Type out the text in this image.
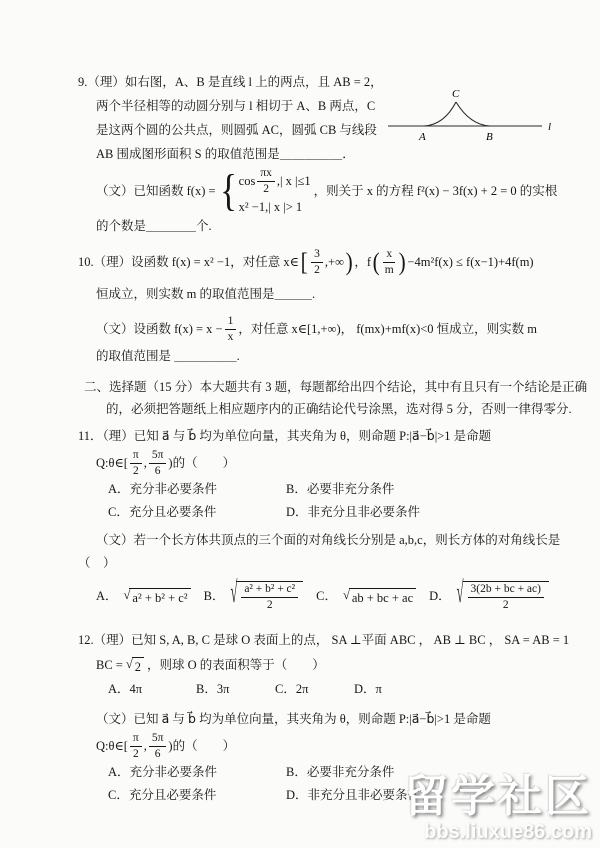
9.（理）如右图，A、B 是直线 l 上的两点，且 AB = 2，
两个半径相等的动圆分别与 l 相切于 A、B 两点，C
是这两个圆的公共点，则圆弧 AC，圆弧 CB 与线段
AB 围成图形面积 S 的取值范围是＿＿＿＿＿．
C
A	B
l
（文）已知函数 f(x) = { $\cos \frac{\pi x}{2}$ ,| x |≤1
x² −1,| x |> 1
，则关于 x 的方程 f²(x) − 3f(x) + 2 = 0 的实根
的个数是＿＿＿＿个.
10.（理）设函数 f(x) = x² −1，对任意 x∈ [ $\frac{3}{2}$ ,+∞ ) ，f ( $\frac{x}{m}$ ) −4m²f(x) ≤ f(x−1)+4f(m)
恒成立，则实数 m 的取值范围是＿＿＿.
（文）设函数 $f(x) = x - \frac{1}{x}$ ，对任意 x∈[1,+∞)， f(mx)+mf(x)<0 恒成立，则实数 m
的取值范围是 ＿＿＿＿＿.
二、选择题（15 分）本大题共有 3 题，每题都给出四个结论，其中有且只有一个结论是正确
的，必须把答题纸上相应题序内的正确结论代号涂黑，选对得 5 分，否则一律得零分.
11．（理）已知 a⃗ 与 b⃗ 均为单位向量，其夹角为 θ，则命题 P:|a⃗−b⃗|>1 是命题
Q:θ∈[ $\frac{\pi}{2}$ , $\frac{5\pi}{6}$ )的（　　）
A．充分非必要条件	B．必要非充分条件
C．充分且必要条件	D．非充分且非必要条件
（文）若一个长方体共顶点的三个面的对角线长分别是 a,b,c，则长方体的对角线长是
（　）
A． √ a² + b² + c² B． √ $\frac{\text{a² + b² + c²}}{2}$ C． √ ab + bc + ac D． √ $\frac{3(2b + bc + ac)}{2}$
12.（理）已知 S, A, B, C 是球 O 表面上的点， SA ⊥平面 ABC ， AB ⊥ BC ， SA = AB = 1
BC = √ 2 ，则球 O 的表面积等于（　　）
A．4π	B．3π	C．2π	D．π
（文）已知 a⃗ 与 b⃗ 均为单位向量，其夹角为 θ，则命题 P:|a⃗−b⃗|>1 是命题
Q:θ∈[ $\frac{\pi}{2}$ , $\frac{5\pi}{6}$ )的（　　）
A．充分非必要条件	B．必要非充分条件
C．充分且必要条件	D．非充分且非必要条件
留学社区
bbs.liuxue86.com
